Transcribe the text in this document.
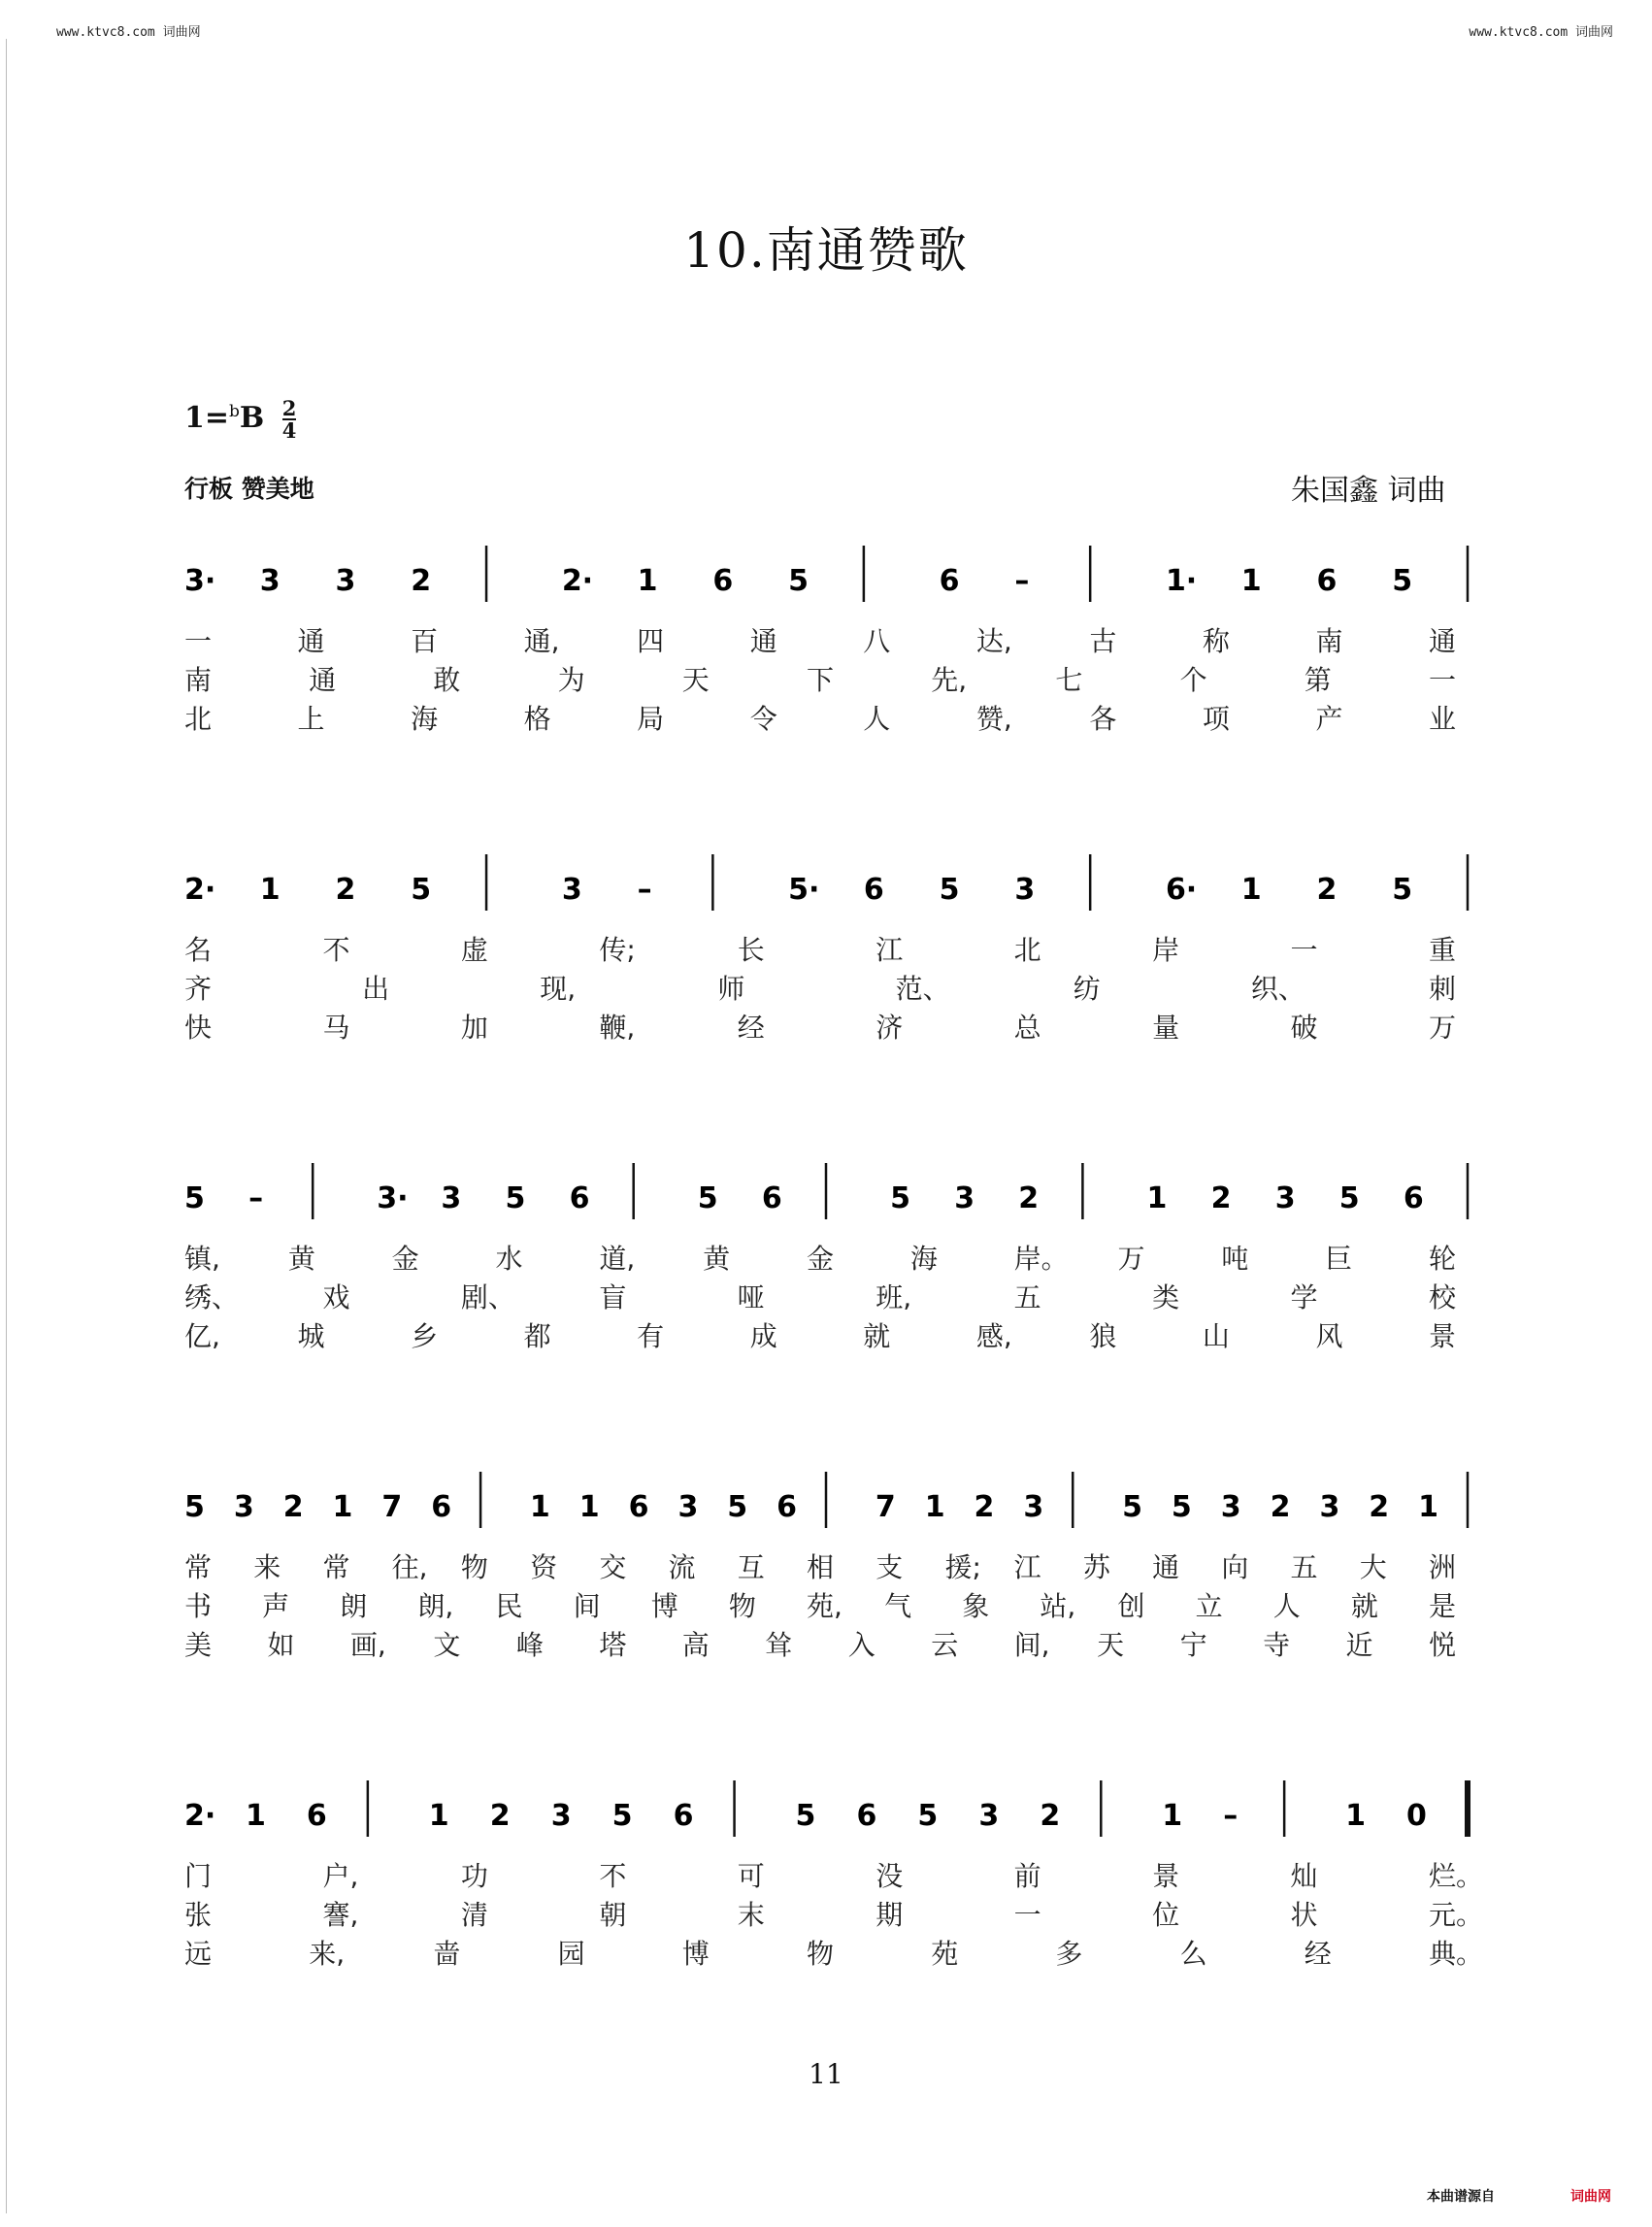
www.ktvc8.com 词曲网	www.ktvc8.com 词曲网
10.南通赞歌
$1=^bB \frac{2}{4}$
行板 赞美地	朱国鑫 词曲
3· 3 3 2	2· 1 6 5	6 –	1· 1 6 5
一	通	百	通,	四	通	八	达,	古	称	南	通
南	通	敢	为	天	下	先,	七	个	第	一
北	上	海	格	局	令	人	赞,	各	项	产	业
2· 1 2 5	3 –	5· 6 5 3	6· 1 2 5
名	不	虚	传;	长	江	北	岸	一	重
齐	出	现,	师	范、	纺	织、	刺
快	马	加	鞭,	经	济	总	量	破	万
5 –	3· 3 5 6	5 6	5 3 2	1 2 3 5 6
镇, 黄	金	水	道, 黄	金	海	岸。 万	吨	巨	轮
绣、	戏	剧、	盲	哑	班,	五	类	学	校
亿,	城	乡	都	有	成	就	感,	狼	山	风	景
5 3 2 1 7 6	1 1 6 3 5 6	7 1 2 3	5 5 3 2 3 2 1
常 来 常 往, 物 资 交 流 互 相 支 援; 江 苏 通 向 五 大 洲
书 声 朗 朗, 民 间 博 物 苑, 气 象 站, 创 立 人 就 是
美 如 画, 文 峰 塔 高 耸 入 云 间, 天 宁 寺 近 悦
2· 1 6	1 2 3 5 6	5 6 5 3 2	1 –	1 0
门	户,	功	不	可	没	前	景	灿	烂。
张	謇,	清	朝	末	期	一	位	状	元。
远	来,	啬	园	博	物	苑	多	么	经	典。
11
本曲谱源自	词曲网
